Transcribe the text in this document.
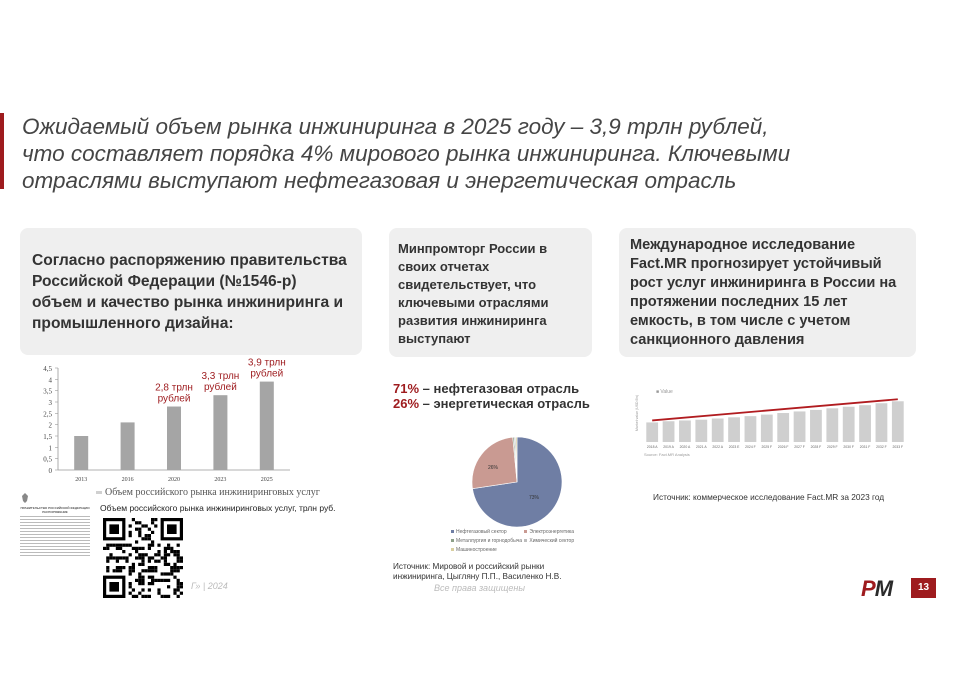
Ожидаемый объем рынка инжиниринга в 2025 году – 3,9 трлн рублей,
что составляет порядка 4% мирового рынка инжиниринга. Ключевыми
отраслями выступают нефтегазовая и энергетическая отрасль
Согласно распоряжению правительства Российской Федерации (№1546-р) объем и качество рынка инжиниринга и промышленного дизайна:
Минпромторг России в своих отчетах свидетельствует, что ключевыми отраслями развития инжиниринга выступают
Международное исследование Fact.MR прогнозирует устойчивый рост услуг инжиниринга в России на протяжении последних 15 лет емкость, в том числе с учетом санкционного давления
0
0,5
1
1,5
2
2,5
3
3,5
4
4,5
2013	2016	2020
2,8 трлн
рублей
2023
3,3 трлн
рублей
2025
3,9 трлн
рублей
Объем российского рынка инжиниринговых услуг
ПРАВИТЕЛЬСТВО РОССИЙСКОЙ ФЕДЕРАЦИИ
РАСПОРЯЖЕНИЕ	Объем российского рынка инжиниринговых услуг, трлн руб.
Г» | 2024
71% – нефтегазовая отрасль
26% – энергетическая отрасль
73%
26%
Нефтегазовый сектор	Электроэнергетика Металлургия и горнодобыча Химический сектор Машиностроение
Источник: Мировой и российский рынки инжиниринга, Цыгляну П.П., Василенко Н.В.
Все права защищены
■ Value
Market value (USD Bn)
2018 A 2019 A 2020 A 2021 A 2022 A 2023 E 2024 F 2025 F 2026 F 2027 F 2028 F 2029 F 2030 F 2031 F 2032 F 2033 F
Source: Fact.MR Analysis
Источник: коммерческое исследование Fact.MR за 2023 год
РМ	13
